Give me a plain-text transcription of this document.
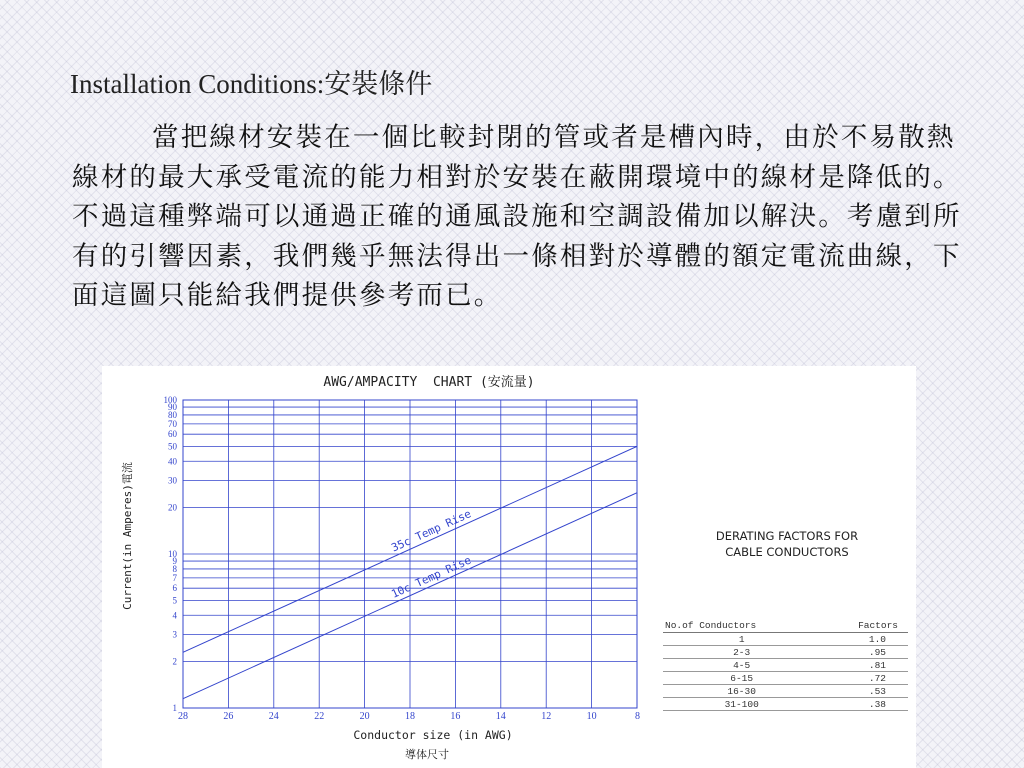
Installation Conditions:安裝條件
當把線材安裝在一個比較封閉的管或者是槽內時，由於不易散熱線材的最大承受電流的能力相對於安裝在蔽開環境中的線材是降低的。不過這種弊端可以通過正確的通風設施和空調設備加以解決。考慮到所有的引響因素，我們幾乎無法得出一條相對於導體的額定電流曲線，下面這圖只能給我們提供參考而已。
35c Temp Rise
10c Temp Rise
1
2
3
4
5
6
7
8
9
10
20
30
40
50
60
70
80
90
100
28	26	24	22	20	18	16	14	12	10	8
AWG/AMPACITY  CHART (安流量)
Conductor size (in AWG)
導体尺寸
Current(in Amperes)電流	DERATING FACTORS FOR
CABLE CONDUCTORS
No.of Conductors	Factors
1	1.0
2-3	.95
4-5	.81
6-15	.72
16-30	.53
31-100	.38
